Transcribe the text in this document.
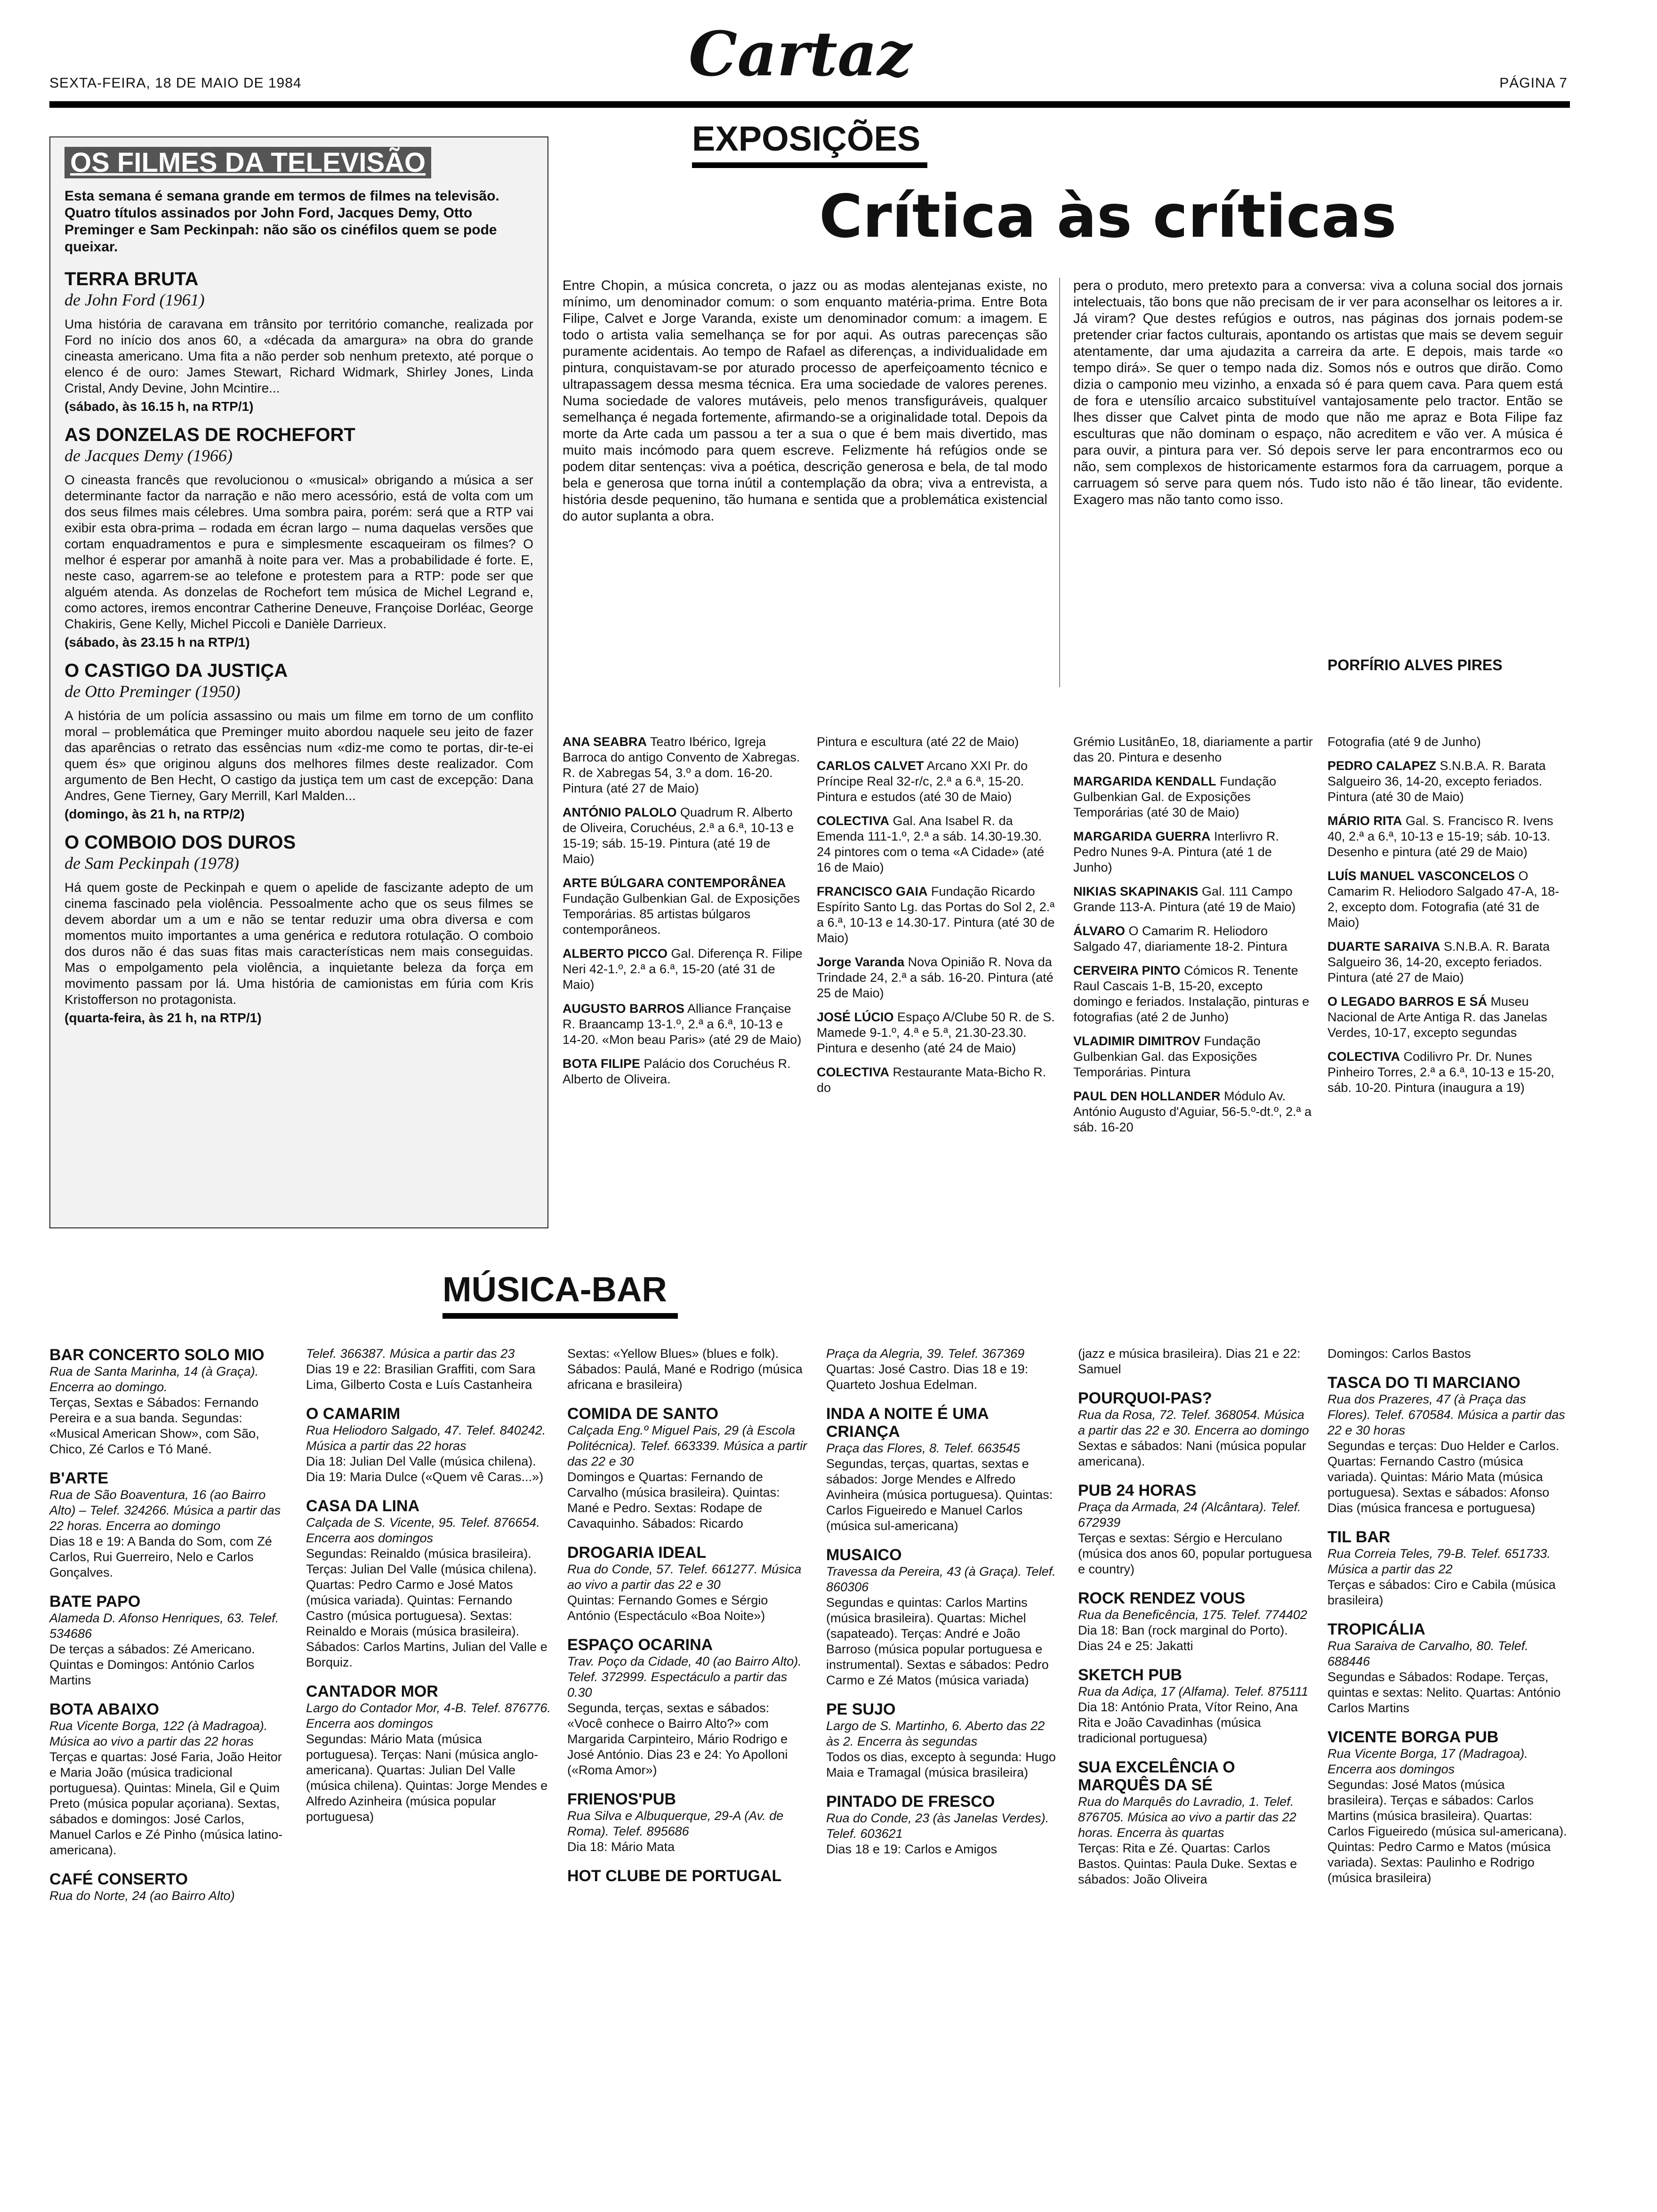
SEXTA-FEIRA, 18 DE MAIO DE 1984	Cartaz	PÁGINA 7
OS FILMES DA TELEVISÃO
Esta semana é semana grande em termos de filmes na televisão. Quatro títulos assinados por John Ford, Jacques Demy, Otto Preminger e Sam Peckinpah: não são os cinéfilos quem se pode queixar.
TERRA BRUTA
de John Ford (1961)
Uma história de caravana em trânsito por território comanche, realizada por Ford no início dos anos 60, a «década da amargura» na obra do grande cineasta americano. Uma fita a não perder sob nenhum pretexto, até porque o elenco é de ouro: James Stewart, Richard Widmark, Shirley Jones, Linda Cristal, Andy Devine, John Mcintire...
(sábado, às 16.15 h, na RTP/1)
AS DONZELAS DE ROCHEFORT
de Jacques Demy (1966)
O cineasta francês que revolucionou o «musical» obrigando a música a ser determinante factor da narração e não mero acessório, está de volta com um dos seus filmes mais célebres. Uma sombra paira, porém: será que a RTP vai exibir esta obra-prima – rodada em écran largo – numa daquelas versões que cortam enquadramentos e pura e simplesmente escaqueiram os filmes? O melhor é esperar por amanhã à noite para ver. Mas a probabilidade é forte. E, neste caso, agarrem-se ao telefone e protestem para a RTP: pode ser que alguém atenda. As donzelas de Rochefort tem música de Michel Legrand e, como actores, iremos encontrar Catherine Deneuve, Françoise Dorléac, George Chakiris, Gene Kelly, Michel Piccoli e Danièle Darrieux.
(sábado, às 23.15 h na RTP/1)
O CASTIGO DA JUSTIÇA
de Otto Preminger (1950)
A história de um polícia assassino ou mais um filme em torno de um conflito moral – problemática que Preminger muito abordou naquele seu jeito de fazer das aparências o retrato das essências num «diz-me como te portas, dir-te-ei quem és» que originou alguns dos melhores filmes deste realizador. Com argumento de Ben Hecht, O castigo da justiça tem um cast de excepção: Dana Andres, Gene Tierney, Gary Merrill, Karl Malden...
(domingo, às 21 h, na RTP/2)
O COMBOIO DOS DUROS
de Sam Peckinpah (1978)
Há quem goste de Peckinpah e quem o apelide de fascizante adepto de um cinema fascinado pela violência. Pessoalmente acho que os seus filmes se devem abordar um a um e não se tentar reduzir uma obra diversa e com momentos muito importantes a uma genérica e redutora rotulação. O comboio dos duros não é das suas fitas mais características nem mais conseguidas. Mas o empolgamento pela violência, a inquietante beleza da força em movimento passam por lá. Uma história de camionistas em fúria com Kris Kristofferson no protagonista.
(quarta-feira, às 21 h, na RTP/1)
EXPOSIÇÕES
Crítica às críticas
Entre Chopin, a música concreta, o jazz ou as modas alentejanas existe, no mínimo, um denominador comum: o som enquanto matéria-prima. Entre Bota Filipe, Calvet e Jorge Varanda, existe um denominador comum: a imagem. E todo o artista valia semelhança se for por aqui. As outras parecenças são puramente acidentais. Ao tempo de Rafael as diferenças, a individualidade em pintura, conquistavam-se por aturado processo de aperfeiçoamento técnico e ultrapassagem dessa mesma técnica. Era uma sociedade de valores perenes. Numa sociedade de valores mutáveis, pelo menos transfiguráveis, qualquer semelhança é negada fortemente, afirmando-se a originalidade total. Depois da morte da Arte cada um passou a ter a sua o que é bem mais divertido, mas muito mais incómodo para quem escreve. Felizmente há refúgios onde se podem ditar sentenças: viva a poética, descrição generosa e bela, de tal modo bela e generosa que torna inútil a contemplação da obra; viva a entrevista, a história desde pequenino, tão humana e sentida que a problemática existencial do autor suplanta a obra.
pera o produto, mero pretexto para a conversa: viva a coluna social dos jornais intelectuais, tão bons que não precisam de ir ver para aconselhar os leitores a ir. Já viram? Que destes refúgios e outros, nas páginas dos jornais podem-se pretender criar factos culturais, apontando os artistas que mais se devem seguir atentamente, dar uma ajudazita a carreira da arte. E depois, mais tarde «o tempo dirá». Se quer o tempo nada diz. Somos nós e outros que dirão. Como dizia o camponio meu vizinho, a enxada só é para quem cava. Para quem está de fora e utensílio arcaico substituível vantajosamente pelo tractor. Então se lhes disser que Calvet pinta de modo que não me apraz e Bota Filipe faz esculturas que não dominam o espaço, não acreditem e vão ver. A música é para ouvir, a pintura para ver. Só depois serve ler para encontrarmos eco ou não, sem complexos de historicamente estarmos fora da carruagem, porque a carruagem só serve para quem nós. Tudo isto não é tão linear, tão evidente. Exagero mas não tanto como isso.
PORFÍRIO ALVES PIRES
ANA SEABRA Teatro Ibérico, Igreja Barroca do antigo Convento de Xabregas. R. de Xabregas 54, 3.º a dom. 16-20. Pintura (até 27 de Maio)
ANTÓNIO PALOLO Quadrum R. Alberto de Oliveira, Coruchéus, 2.ª a 6.ª, 10-13 e 15-19; sáb. 15-19. Pintura (até 19 de Maio)
ARTE BÚLGARA CONTEMPORÂNEA Fundação Gulbenkian Gal. de Exposições Temporárias. 85 artistas búlgaros contemporâneos.
ALBERTO PICCO Gal. Diferença R. Filipe Neri 42-1.º, 2.ª a 6.ª, 15-20 (até 31 de Maio)
AUGUSTO BARROS Alliance Française R. Braancamp 13-1.º, 2.ª a 6.ª, 10-13 e 14-20. «Mon beau Paris» (até 29 de Maio)
BOTA FILIPE Palácio dos Coruchéus R. Alberto de Oliveira.
Pintura e escultura (até 22 de Maio)
CARLOS CALVET Arcano XXI Pr. do Príncipe Real 32-r/c, 2.ª a 6.ª, 15-20. Pintura e estudos (até 30 de Maio)
COLECTIVA Gal. Ana Isabel R. da Emenda 111-1.º, 2.ª a sáb. 14.30-19.30. 24 pintores com o tema «A Cidade» (até 16 de Maio)
FRANCISCO GAIA Fundação Ricardo Espírito Santo Lg. das Portas do Sol 2, 2.ª a 6.ª, 10-13 e 14.30-17. Pintura (até 30 de Maio)
Jorge Varanda Nova Opinião R. Nova da Trindade 24, 2.ª a sáb. 16-20. Pintura (até 25 de Maio)
JOSÉ LÚCIO Espaço A/Clube 50 R. de S. Mamede 9-1.º, 4.ª e 5.ª, 21.30-23.30. Pintura e desenho (até 24 de Maio)
COLECTIVA Restaurante Mata-Bicho R. do
Grémio LusitânEo, 18, diariamente a partir das 20. Pintura e desenho
MARGARIDA KENDALL Fundação Gulbenkian Gal. de Exposições Temporárias (até 30 de Maio)
MARGARIDA GUERRA Interlivro R. Pedro Nunes 9-A. Pintura (até 1 de Junho)
NIKIAS SKAPINAKIS Gal. 111 Campo Grande 113-A. Pintura (até 19 de Maio)
ÁLVARO O Camarim R. Heliodoro Salgado 47, diariamente 18-2. Pintura
CERVEIRA PINTO Cómicos R. Tenente Raul Cascais 1-B, 15-20, excepto domingo e feriados. Instalação, pinturas e fotografias (até 2 de Junho)
VLADIMIR DIMITROV Fundação Gulbenkian Gal. das Exposições Temporárias. Pintura
PAUL DEN HOLLANDER Módulo Av. António Augusto d'Aguiar, 56-5.º-dt.º, 2.ª a sáb. 16-20
Fotografia (até 9 de Junho)
PEDRO CALAPEZ S.N.B.A. R. Barata Salgueiro 36, 14-20, excepto feriados. Pintura (até 30 de Maio)
MÁRIO RITA Gal. S. Francisco R. Ivens 40, 2.ª a 6.ª, 10-13 e 15-19; sáb. 10-13. Desenho e pintura (até 29 de Maio)
LUÍS MANUEL VASCONCELOS O Camarim R. Heliodoro Salgado 47-A, 18-2, excepto dom. Fotografia (até 31 de Maio)
DUARTE SARAIVA S.N.B.A. R. Barata Salgueiro 36, 14-20, excepto feriados. Pintura (até 27 de Maio)
O LEGADO BARROS E SÁ Museu Nacional de Arte Antiga R. das Janelas Verdes, 10-17, excepto segundas
COLECTIVA Codilivro Pr. Dr. Nunes Pinheiro Torres, 2.ª a 6.ª, 10-13 e 15-20, sáb. 10-20. Pintura (inaugura a 19)
MÚSICA-BAR
BAR CONCERTO SOLO MIO
Rua de Santa Marinha, 14 (à Graça). Encerra ao domingo.
Terças, Sextas e Sábados: Fernando Pereira e a sua banda. Segundas: «Musical American Show», com São, Chico, Zé Carlos e Tó Mané.
B'ARTE
Rua de São Boaventura, 16 (ao Bairro Alto) – Telef. 324266. Música a partir das 22 horas. Encerra ao domingo
Dias 18 e 19: A Banda do Som, com Zé Carlos, Rui Guerreiro, Nelo e Carlos Gonçalves.
BATE PAPO
Alameda D. Afonso Henriques, 63. Telef. 534686
De terças a sábados: Zé Americano. Quintas e Domingos: António Carlos Martins
BOTA ABAIXO
Rua Vicente Borga, 122 (à Madragoa). Música ao vivo a partir das 22 horas
Terças e quartas: José Faria, João Heitor e Maria João (música tradicional portuguesa). Quintas: Minela, Gil e Quim Preto (música popular açoriana). Sextas, sábados e domingos: José Carlos, Manuel Carlos e Zé Pinho (música latino-americana).
CAFÉ CONSERTO
Rua do Norte, 24 (ao Bairro Alto)
Telef. 366387. Música a partir das 23
Dias 19 e 22: Brasilian Graffiti, com Sara Lima, Gilberto Costa e Luís Castanheira
O CAMARIM
Rua Heliodoro Salgado, 47. Telef. 840242. Música a partir das 22 horas
Dia 18: Julian Del Valle (música chilena). Dia 19: Maria Dulce («Quem vê Caras...»)
CASA DA LINA
Calçada de S. Vicente, 95. Telef. 876654. Encerra aos domingos
Segundas: Reinaldo (música brasileira). Terças: Julian Del Valle (música chilena). Quartas: Pedro Carmo e José Matos (música variada). Quintas: Fernando Castro (música portuguesa). Sextas: Reinaldo e Morais (música brasileira). Sábados: Carlos Martins, Julian del Valle e Borquiz.
CANTADOR MOR
Largo do Contador Mor, 4-B. Telef. 876776. Encerra aos domingos
Segundas: Mário Mata (música portuguesa). Terças: Nani (música anglo-americana). Quartas: Julian Del Valle (música chilena). Quintas: Jorge Mendes e Alfredo Azinheira (música popular portuguesa)
Sextas: «Yellow Blues» (blues e folk). Sábados: Paulá, Mané e Rodrigo (música africana e brasileira)
COMIDA DE SANTO
Calçada Eng.º Miguel Pais, 29 (à Escola Politécnica). Telef. 663339. Música a partir das 22 e 30
Domingos e Quartas: Fernando de Carvalho (música brasileira). Quintas: Mané e Pedro. Sextas: Rodape de Cavaquinho. Sábados: Ricardo
DROGARIA IDEAL
Rua do Conde, 57. Telef. 661277. Música ao vivo a partir das 22 e 30
Quintas: Fernando Gomes e Sérgio António (Espectáculo «Boa Noite»)
ESPAÇO OCARINA
Trav. Poço da Cidade, 40 (ao Bairro Alto). Telef. 372999. Espectáculo a partir das 0.30
Segunda, terças, sextas e sábados: «Você conhece o Bairro Alto?» com Margarida Carpinteiro, Mário Rodrigo e José António. Dias 23 e 24: Yo Apolloni («Roma Amor»)
FRIENOS'PUB
Rua Silva e Albuquerque, 29-A (Av. de Roma). Telef. 895686
Dia 18: Mário Mata
HOT CLUBE DE PORTUGAL
Praça da Alegria, 39. Telef. 367369
Quartas: José Castro. Dias 18 e 19: Quarteto Joshua Edelman.
INDA A NOITE É UMA CRIANÇA
Praça das Flores, 8. Telef. 663545
Segundas, terças, quartas, sextas e sábados: Jorge Mendes e Alfredo Avinheira (música portuguesa). Quintas: Carlos Figueiredo e Manuel Carlos (música sul-americana)
MUSAICO
Travessa da Pereira, 43 (à Graça). Telef. 860306
Segundas e quintas: Carlos Martins (música brasileira). Quartas: Michel (sapateado). Terças: André e João Barroso (música popular portuguesa e instrumental). Sextas e sábados: Pedro Carmo e Zé Matos (música variada)
PE SUJO
Largo de S. Martinho, 6. Aberto das 22 às 2. Encerra às segundas
Todos os dias, excepto à segunda: Hugo Maia e Tramagal (música brasileira)
PINTADO DE FRESCO
Rua do Conde, 23 (às Janelas Verdes). Telef. 603621
Dias 18 e 19: Carlos e Amigos
(jazz e música brasileira). Dias 21 e 22: Samuel
POURQUOI-PAS?
Rua da Rosa, 72. Telef. 368054. Música a partir das 22 e 30. Encerra ao domingo
Sextas e sábados: Nani (música popular americana).
PUB 24 HORAS
Praça da Armada, 24 (Alcântara). Telef. 672939
Terças e sextas: Sérgio e Herculano (música dos anos 60, popular portuguesa e country)
ROCK RENDEZ VOUS
Rua da Beneficência, 175. Telef. 774402
Dia 18: Ban (rock marginal do Porto). Dias 24 e 25: Jakatti
SKETCH PUB
Rua da Adiça, 17 (Alfama). Telef. 875111
Dia 18: António Prata, Vítor Reino, Ana Rita e João Cavadinhas (música tradicional portuguesa)
SUA EXCELÊNCIA O MARQUÊS DA SÉ
Rua do Marquês do Lavradio, 1. Telef. 876705. Música ao vivo a partir das 22 horas. Encerra às quartas
Terças: Rita e Zé. Quartas: Carlos Bastos. Quintas: Paula Duke. Sextas e sábados: João Oliveira
Domingos: Carlos Bastos
TASCA DO TI MARCIANO
Rua dos Prazeres, 47 (à Praça das Flores). Telef. 670584. Música a partir das 22 e 30 horas
Segundas e terças: Duo Helder e Carlos. Quartas: Fernando Castro (música variada). Quintas: Mário Mata (música portuguesa). Sextas e sábados: Afonso Dias (música francesa e portuguesa)
TIL BAR
Rua Correia Teles, 79-B. Telef. 651733. Música a partir das 22
Terças e sábados: Ciro e Cabila (música brasileira)
TROPICÁLIA
Rua Saraiva de Carvalho, 80. Telef. 688446
Segundas e Sábados: Rodape. Terças, quintas e sextas: Nelito. Quartas: António Carlos Martins
VICENTE BORGA PUB
Rua Vicente Borga, 17 (Madragoa). Encerra aos domingos
Segundas: José Matos (música brasileira). Terças e sábados: Carlos Martins (música brasileira). Quartas: Carlos Figueiredo (música sul-americana). Quintas: Pedro Carmo e Matos (música variada). Sextas: Paulinho e Rodrigo (música brasileira)
